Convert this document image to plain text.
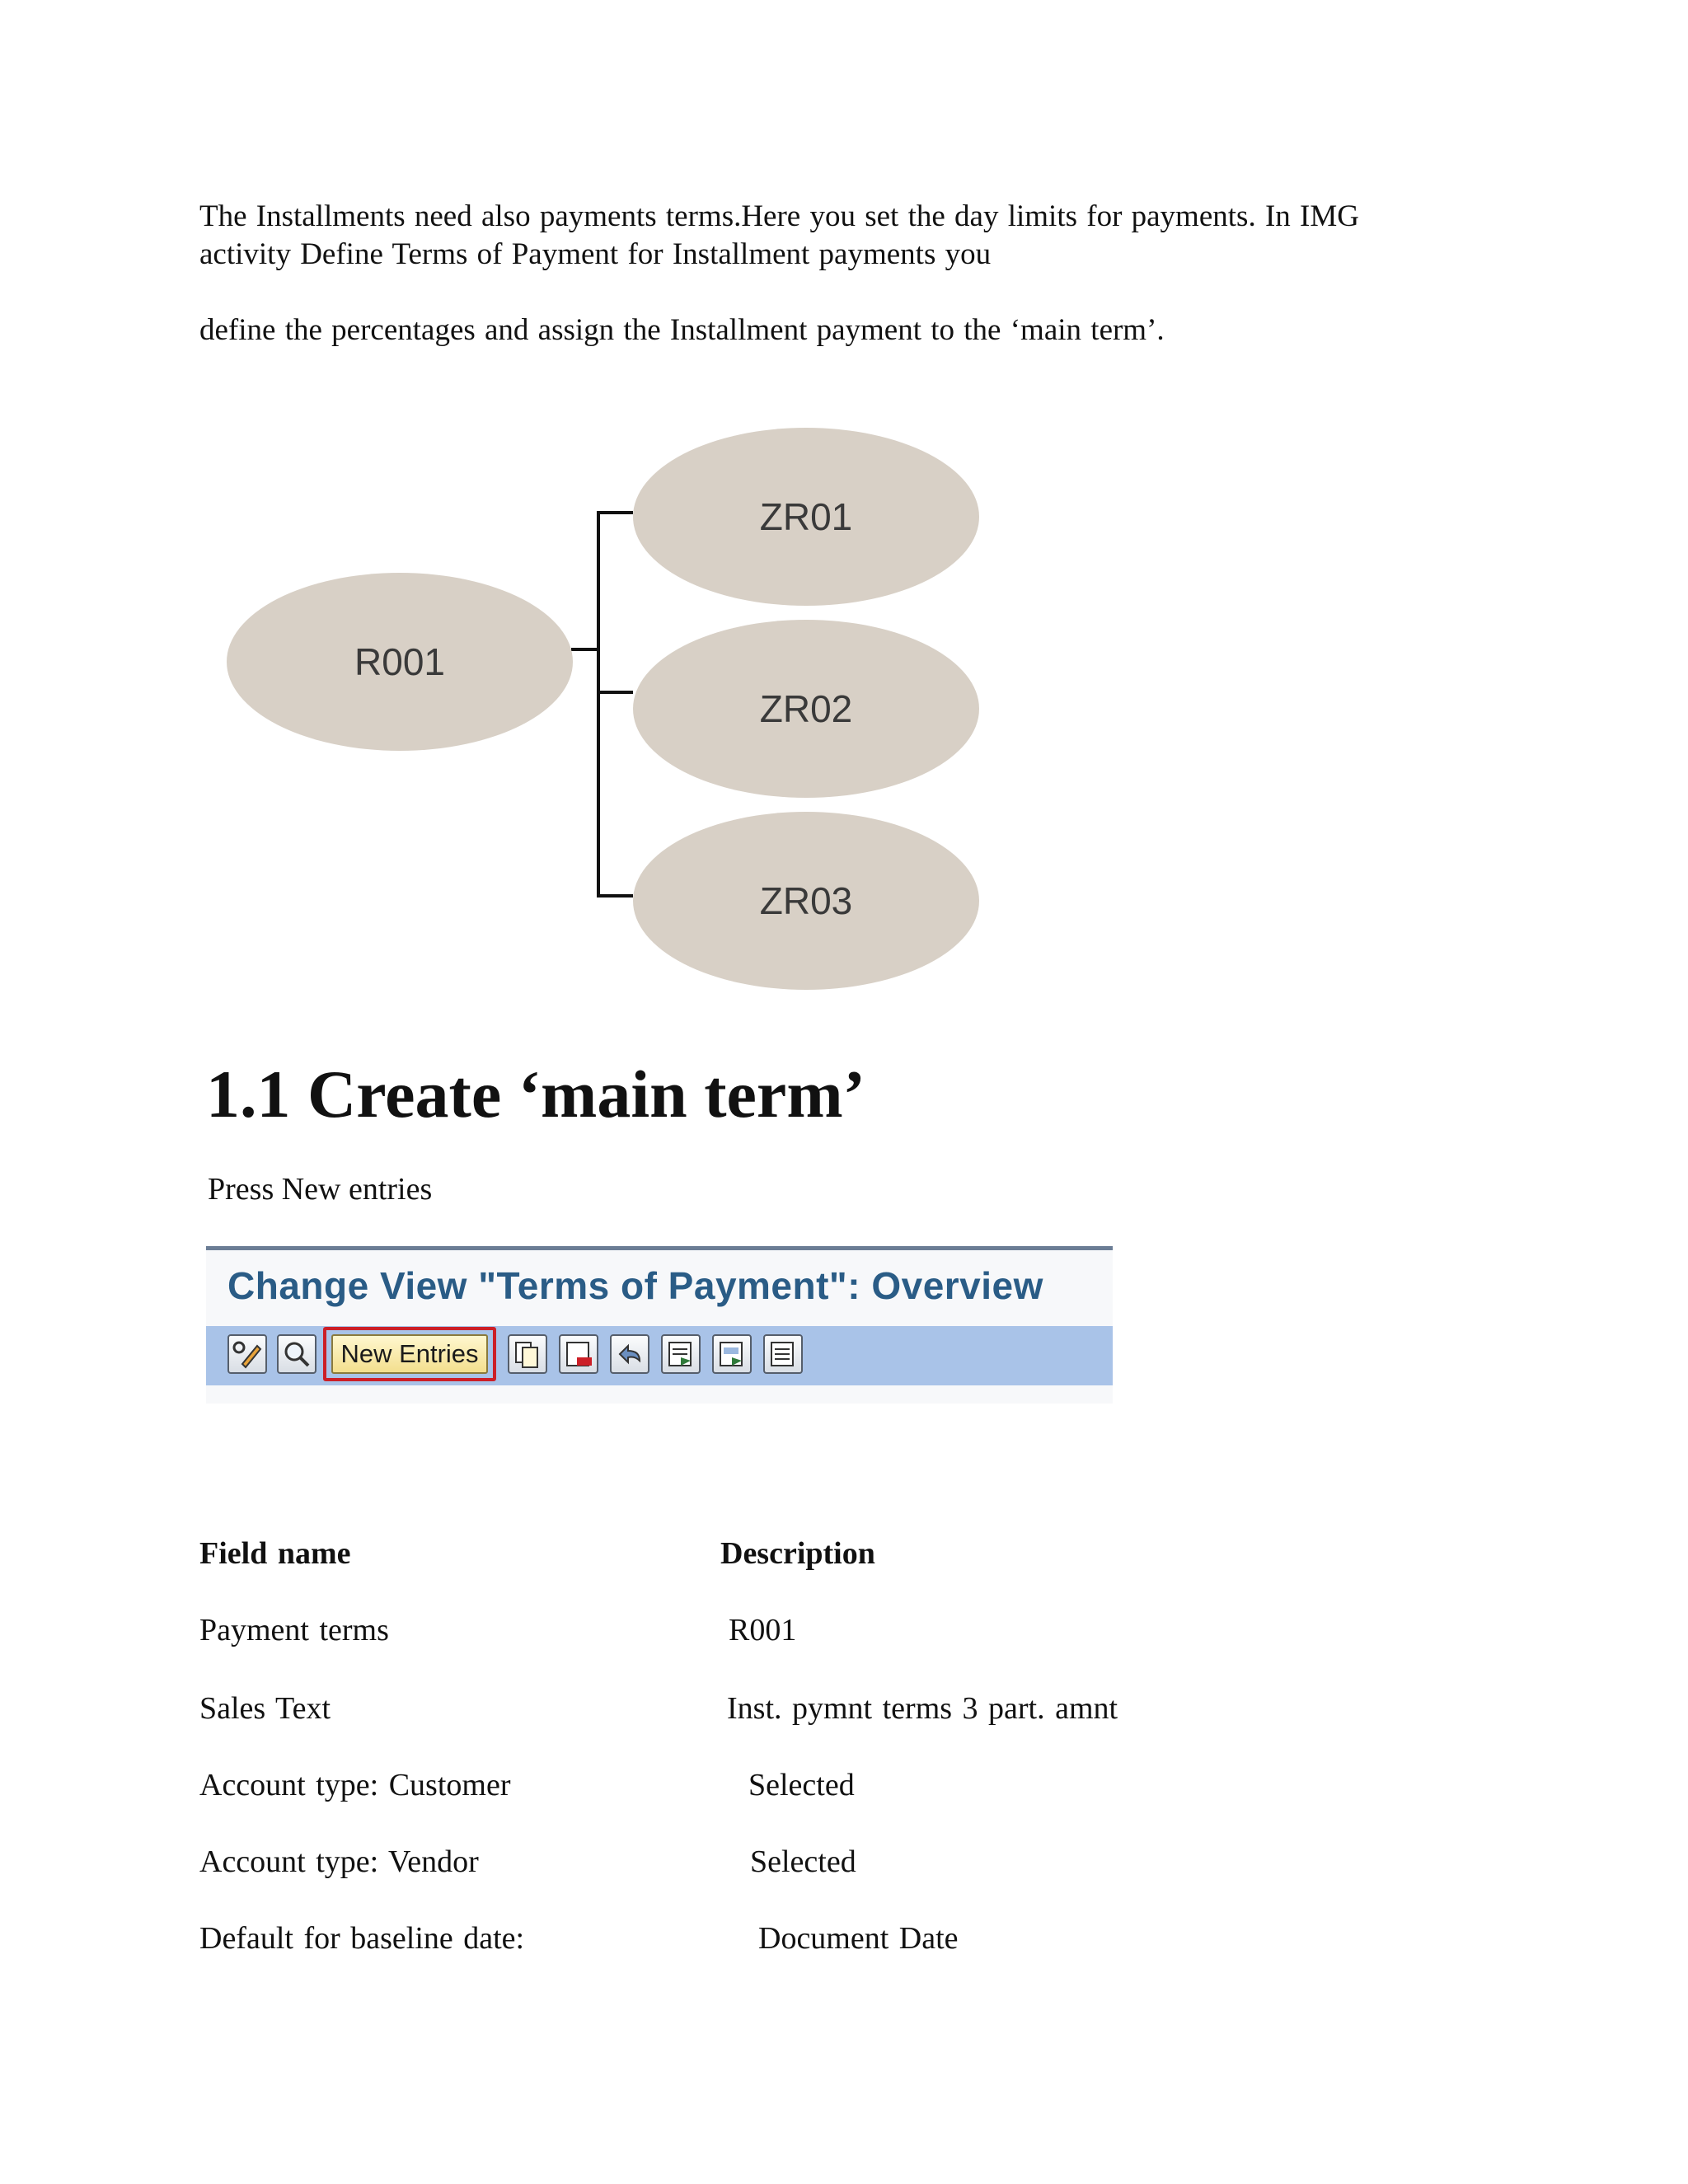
The Installments need also payments terms.Here you set the day limits for payments. In IMG activity Define Terms of Payment for Installment payments you

define the percentages and assign the Installment payment to the ‘main term’.

R001
ZR01
ZR02
ZR03
1.1 Create ‘main term’
Press New entries
Change View "Terms of Payment": Overview
New Entries
Field name	Description
Payment terms	R001
Sales Text	Inst. pymnt terms 3 part. amnt
Account type: Customer	Selected
Account type: Vendor	Selected
Default for baseline date:	Document Date
